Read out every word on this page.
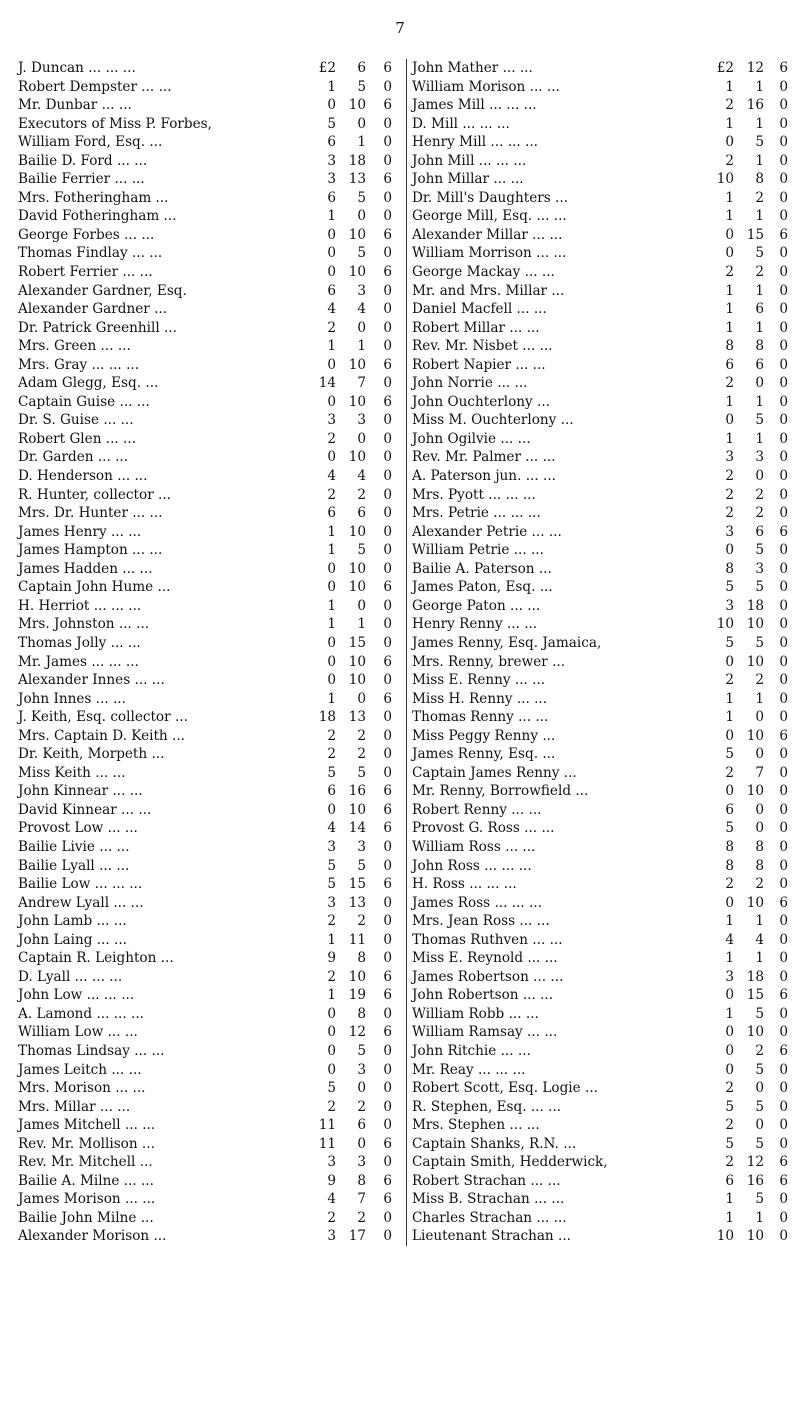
7
J. Duncan ... ... ...	£2 6 6
Robert Dempster ... ...	1 5 0
Mr. Dunbar ... ...	0 10 6
Executors of Miss P. Forbes,	5 0 0
William Ford, Esq. ...	6 1 0
Bailie D. Ford ... ...	3 18 0
Bailie Ferrier ... ...	3 13 6
Mrs. Fotheringham ...	6 5 0
David Fotheringham ...	1 0 0
George Forbes ... ...	0 10 6
Thomas Findlay ... ...	0 5 0
Robert Ferrier ... ...	0 10 6
Alexander Gardner, Esq.	6 3 0
Alexander Gardner ...	4 4 0
Dr. Patrick Greenhill ...	2 0 0
Mrs. Green ... ...	1 1 0
Mrs. Gray ... ... ...	0 10 6
Adam Glegg, Esq. ...	14 7 0
Captain Guise ... ...	0 10 6
Dr. S. Guise ... ...	3 3 0
Robert Glen ... ...	2 0 0
Dr. Garden ... ...	0 10 0
D. Henderson ... ...	4 4 0
R. Hunter, collector ...	2 2 0
Mrs. Dr. Hunter ... ...	6 6 0
James Henry ... ...	1 10 0
James Hampton ... ...	1 5 0
James Hadden ... ...	0 10 0
Captain John Hume ...	0 10 6
H. Herriot ... ... ...	1 0 0
Mrs. Johnston ... ...	1 1 0
Thomas Jolly ... ...	0 15 0
Mr. James ... ... ...	0 10 6
Alexander Innes ... ...	0 10 0
John Innes ... ...	1 0 6
J. Keith, Esq. collector ...	18 13 0
Mrs. Captain D. Keith ...	2 2 0
Dr. Keith, Morpeth ...	2 2 0
Miss Keith ... ...	5 5 0
John Kinnear ... ...	6 16 6
David Kinnear ... ...	0 10 6
Provost Low ... ...	4 14 6
Bailie Livie ... ...	3 3 0
Bailie Lyall ... ...	5 5 0
Bailie Low ... ... ...	5 15 6
Andrew Lyall ... ...	3 13 0
John Lamb ... ...	2 2 0
John Laing ... ...	1 11 0
Captain R. Leighton ...	9 8 0
D. Lyall ... ... ...	2 10 6
John Low ... ... ...	1 19 6
A. Lamond ... ... ...	0 8 0
William Low ... ...	0 12 6
Thomas Lindsay ... ...	0 5 0
James Leitch ... ...	0 3 0
Mrs. Morison ... ...	5 0 0
Mrs. Millar ... ...	2 2 0
James Mitchell ... ...	11 6 0
Rev. Mr. Mollison ...	11 0 6
Rev. Mr. Mitchell ...	3 3 0
Bailie A. Milne ... ...	9 8 6
James Morison ... ...	4 7 6
Bailie John Milne ...	2 2 0
Alexander Morison ...	3 17 0
John Mather ... ...	£2 12 6
William Morison ... ...	1 1 0
James Mill ... ... ...	2 16 0
D. Mill ... ... ...	1 1 0
Henry Mill ... ... ...	0 5 0
John Mill ... ... ...	2 1 0
John Millar ... ...	10 8 0
Dr. Mill's Daughters ...	1 2 0
George Mill, Esq. ... ...	1 1 0
Alexander Millar ... ...	0 15 6
William Morrison ... ...	0 5 0
George Mackay ... ...	2 2 0
Mr. and Mrs. Millar ...	1 1 0
Daniel Macfell ... ...	1 6 0
Robert Millar ... ...	1 1 0
Rev. Mr. Nisbet ... ...	8 8 0
Robert Napier ... ...	6 6 0
John Norrie ... ...	2 0 0
John Ouchterlony ...	1 1 0
Miss M. Ouchterlony ...	0 5 0
John Ogilvie ... ...	1 1 0
Rev. Mr. Palmer ... ...	3 3 0
A. Paterson jun. ... ...	2 0 0
Mrs. Pyott ... ... ...	2 2 0
Mrs. Petrie ... ... ...	2 2 0
Alexander Petrie ... ...	3 6 6
William Petrie ... ...	0 5 0
Bailie A. Paterson ...	8 3 0
James Paton, Esq. ...	5 5 0
George Paton ... ...	3 18 0
Henry Renny ... ...	10 10 0
James Renny, Esq. Jamaica,	5 5 0
Mrs. Renny, brewer ...	0 10 0
Miss E. Renny ... ...	2 2 0
Miss H. Renny ... ...	1 1 0
Thomas Renny ... ...	1 0 0
Miss Peggy Renny ...	0 10 6
James Renny, Esq. ...	5 0 0
Captain James Renny ...	2 7 0
Mr. Renny, Borrowfield ...	0 10 0
Robert Renny ... ...	6 0 0
Provost G. Ross ... ...	5 0 0
William Ross ... ...	8 8 0
John Ross ... ... ...	8 8 0
H. Ross ... ... ...	2 2 0
James Ross ... ... ...	0 10 6
Mrs. Jean Ross ... ...	1 1 0
Thomas Ruthven ... ...	4 4 0
Miss E. Reynold ... ...	1 1 0
James Robertson ... ...	3 18 0
John Robertson ... ...	0 15 6
William Robb ... ...	1 5 0
William Ramsay ... ...	0 10 0
John Ritchie ... ...	0 2 6
Mr. Reay ... ... ...	0 5 0
Robert Scott, Esq. Logie ...	2 0 0
R. Stephen, Esq. ... ...	5 5 0
Mrs. Stephen ... ...	2 0 0
Captain Shanks, R.N. ...	5 5 0
Captain Smith, Hedderwick,	2 12 6
Robert Strachan ... ...	6 16 6
Miss B. Strachan ... ...	1 5 0
Charles Strachan ... ...	1 1 0
Lieutenant Strachan ...	10 10 0
